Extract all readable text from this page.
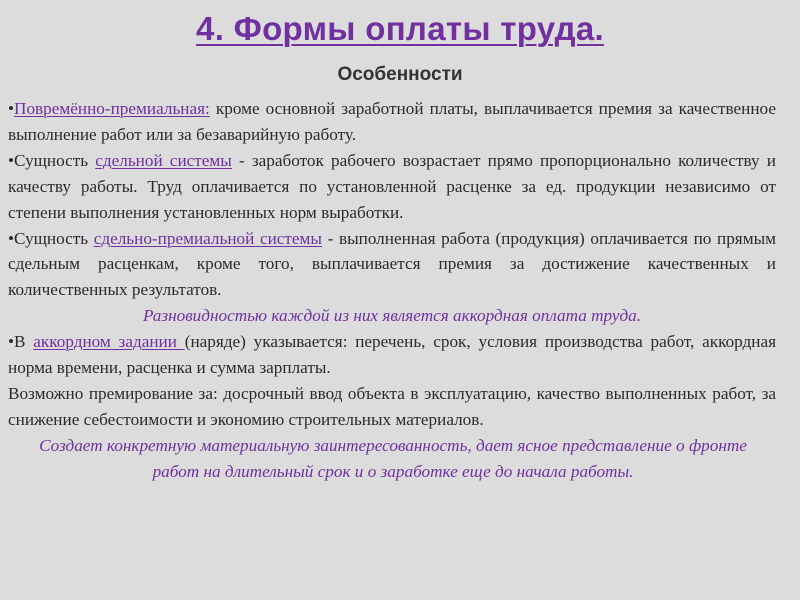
4. Формы оплаты труда.
Особенности

•Повремённо-премиальная: кроме основной заработной платы, выплачивается премия за качественное выполнение работ или за безаварийную работу.

•Сущность сдельной системы - заработок рабочего возрастает прямо пропорционально количеству и качеству работы. Труд оплачивается по установленной расценке за ед. продукции независимо от степени выполнения установленных норм выработки.

•Сущность сдельно-премиальной системы - выполненная работа (продукция) оплачивается по прямым сдельным расценкам, кроме того, выплачивается премия за достижение качественных и количественных результатов.

Разновидностью каждой из них является аккордная оплата труда.

•В аккордном задании (наряде) указывается: перечень, срок, условия производства работ, аккордная норма времени, расценка и сумма зарплаты.

Возможно премирование за: досрочный ввод объекта в эксплуатацию, качество выполненных работ, за снижение себестоимости и экономию строительных материалов.

Создает конкретную материальную заинтересованность, дает ясное представление о фронте работ на длительный срок и о заработке еще до начала работы.
